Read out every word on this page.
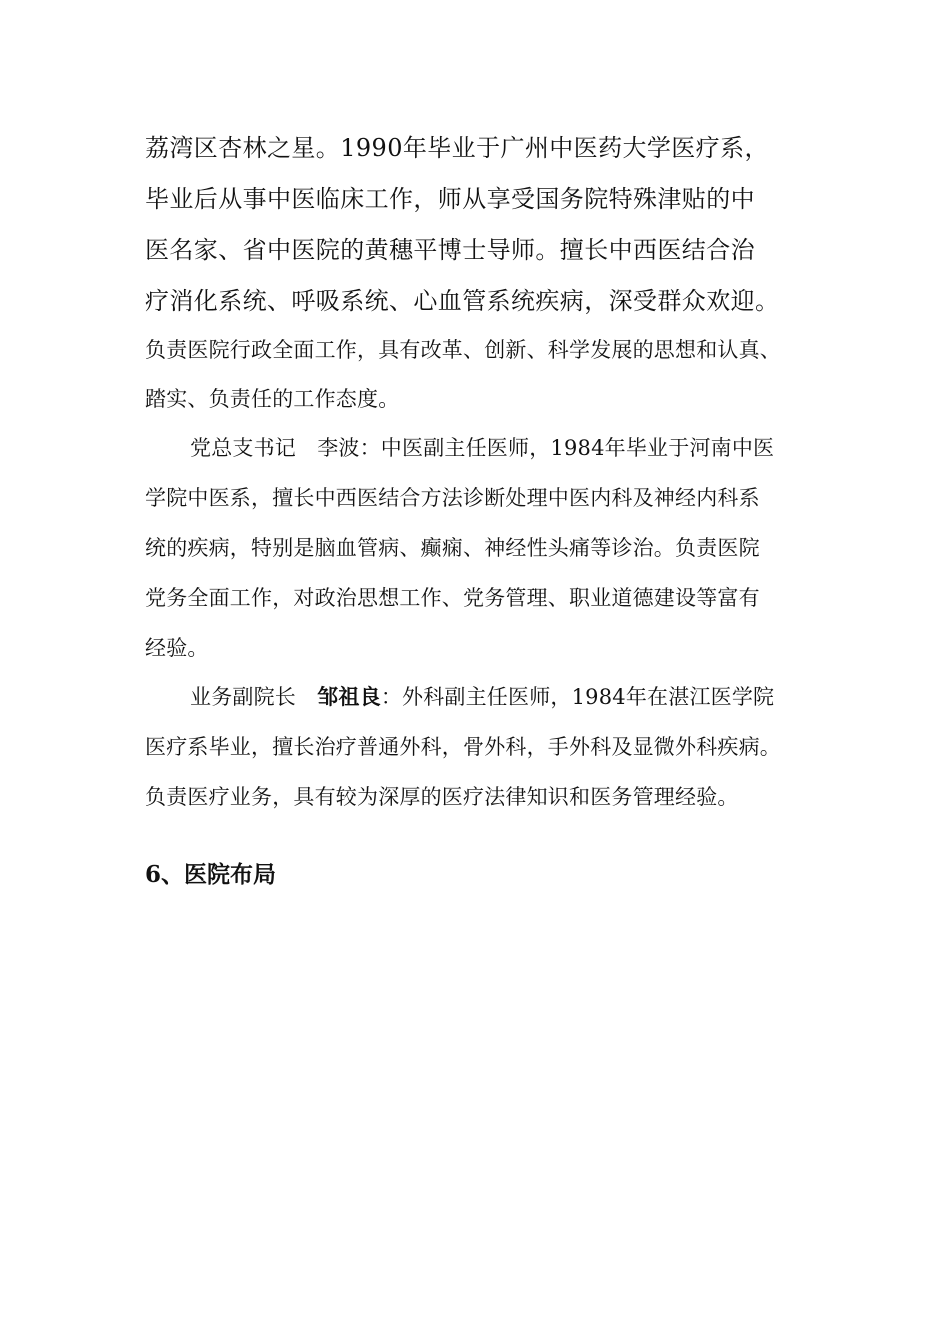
荔湾区杏林之星。1990年毕业于广州中医药大学医疗系，
毕业后从事中医临床工作，师从享受国务院特殊津贴的中
医名家、省中医院的黄穗平博士导师。擅长中西医结合治
疗消化系统、呼吸系统、心血管系统疾病，深受群众欢迎。
负责医院行政全面工作，具有改革、创新、科学发展的思想和认真、
踏实、负责任的工作态度。
党总支书记　李波：中医副主任医师，1984年毕业于河南中医
学院中医系，擅长中西医结合方法诊断处理中医内科及神经内科系
统的疾病，特别是脑血管病、癫痫、神经性头痛等诊治。负责医院
党务全面工作，对政治思想工作、党务管理、职业道德建设等富有
经验。
业务副院长　邹祖良：外科副主任医师，1984年在湛江医学院
医疗系毕业，擅长治疗普通外科，骨外科，手外科及显微外科疾病。
负责医疗业务，具有较为深厚的医疗法律知识和医务管理经验。
6、医院布局
